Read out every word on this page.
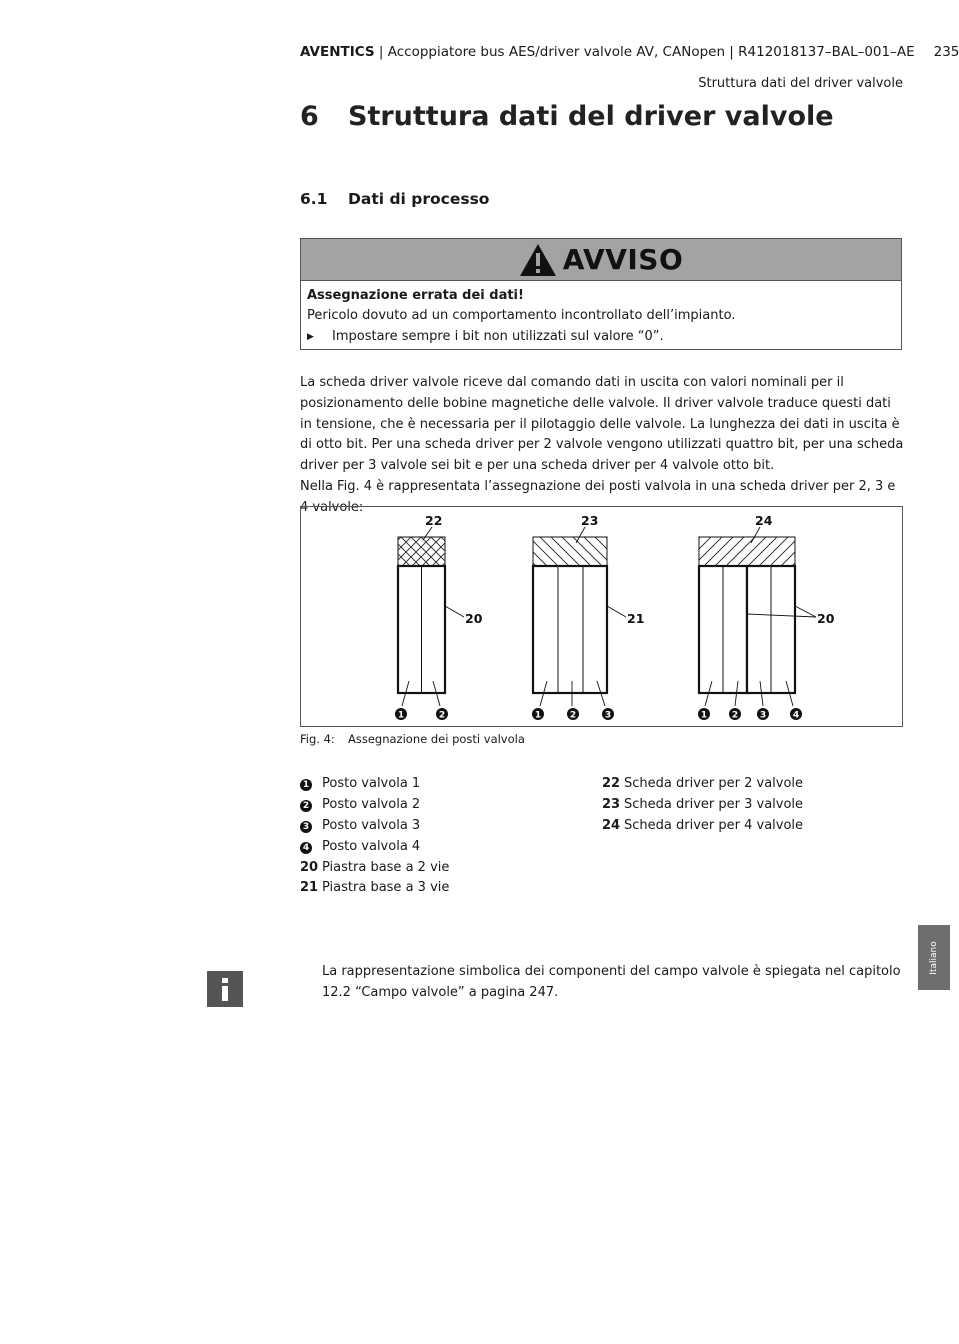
AVENTICS | Accoppiatore bus AES/driver valvole AV, CANopen | R412018137–BAL–001–AE 235
Struttura dati del driver valvole
6 Struttura dati del driver valvole
6.1 Dati di processo
AVVISO
Assegnazione errata dei dati!
Pericolo dovuto ad un comportamento incontrollato dell’impianto.
▶ Impostare sempre i bit non utilizzati sul valore “0”.

La scheda driver valvole riceve dal comando dati in uscita con valori nominali per il posizionamento delle bobine magnetiche delle valvole. Il driver valvole traduce questi dati in tensione, che è necessaria per il pilotaggio delle valvole. La lunghezza dei dati in uscita è di otto bit. Per una scheda driver per 2 valvole vengono utilizzati quattro bit, per una scheda driver per 3 valvole sei bit e per una scheda driver per 4 valvole otto bit.

Nella Fig. 4 è rappresentata l’assegnazione dei posti valvola in una scheda driver per 2, 3 e 4 valvole:

22	23	24
20	21	20
1	2	1	2	3	1	2 3	4
Fig. 4: Assegnazione dei posti valvola
1 Posto valvola 1
2 Posto valvola 2
3 Posto valvola 3
4 Posto valvola 4
20 Piastra base a 2 vie
21 Piastra base a 3 vie
22 Scheda driver per 2 valvole
23 Scheda driver per 3 valvole
24 Scheda driver per 4 valvole
Italiano
La rappresentazione simbolica dei componenti del campo valvole è spiegata nel capitolo 12.2 “Campo valvole” a pagina 247.
